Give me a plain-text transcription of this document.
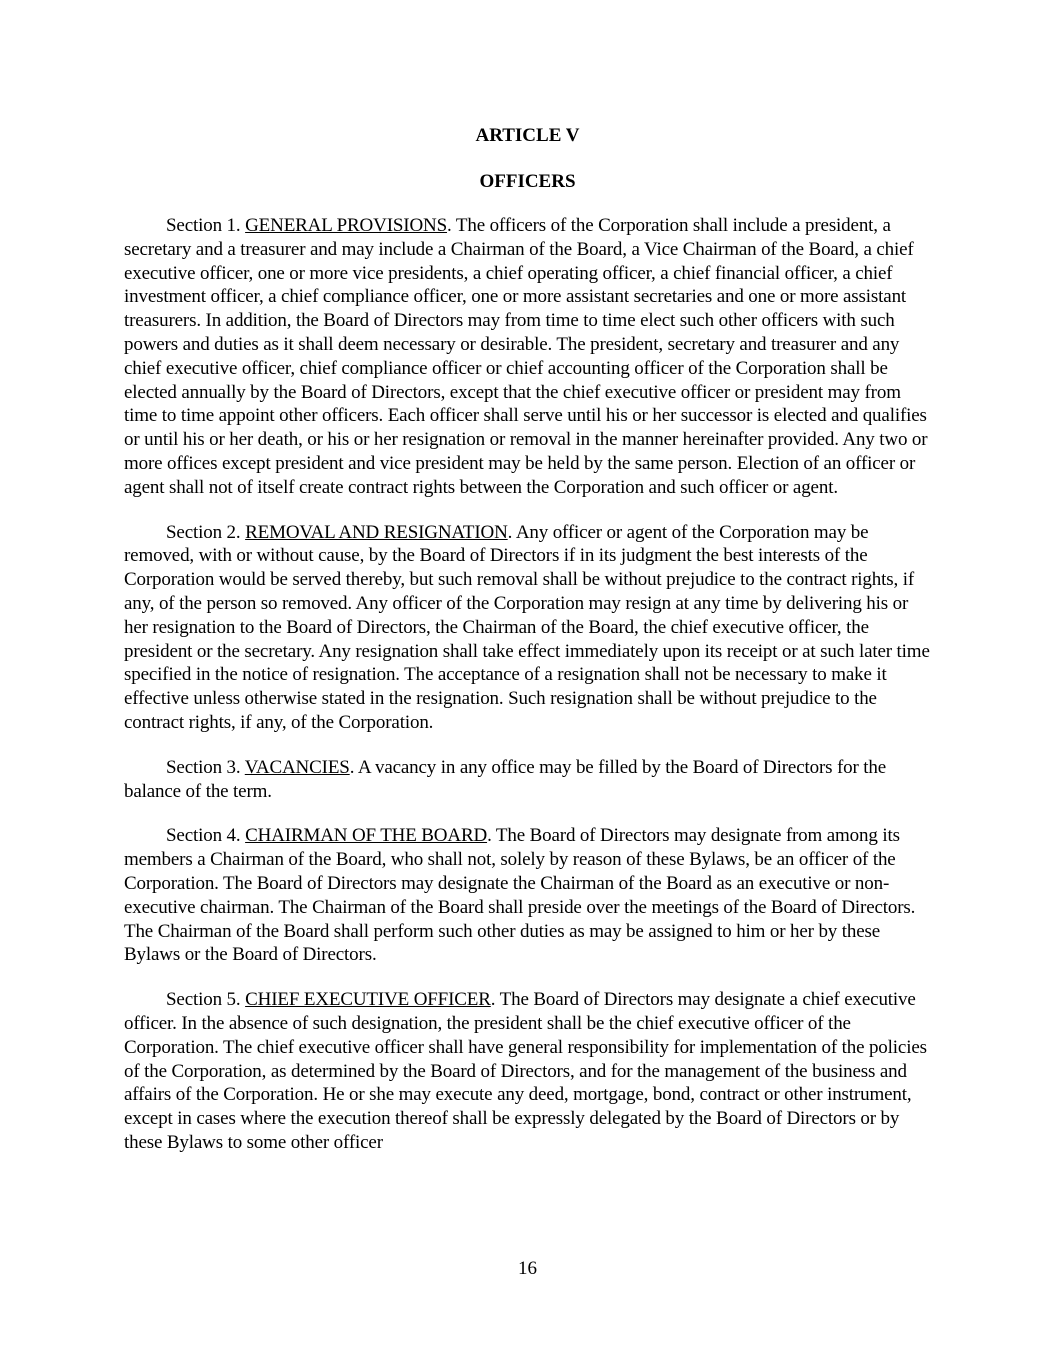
ARTICLE V
OFFICERS

Section 1. GENERAL PROVISIONS. The officers of the Corporation shall include a president, a secretary and a treasurer and may include a Chairman of the Board, a Vice Chairman of the Board, a chief executive officer, one or more vice presidents, a chief operating officer, a chief financial officer, a chief investment officer, a chief compliance officer, one or more assistant secretaries and one or more assistant treasurers. In addition, the Board of Directors may from time to time elect such other officers with such powers and duties as it shall deem necessary or desirable. The president, secretary and treasurer and any chief executive officer, chief compliance officer or chief accounting officer of the Corporation shall be elected annually by the Board of Directors, except that the chief executive officer or president may from time to time appoint other officers. Each officer shall serve until his or her successor is elected and qualifies or until his or her death, or his or her resignation or removal in the manner hereinafter provided. Any two or more offices except president and vice president may be held by the same person. Election of an officer or agent shall not of itself create contract rights between the Corporation and such officer or agent.

Section 2. REMOVAL AND RESIGNATION. Any officer or agent of the Corporation may be removed, with or without cause, by the Board of Directors if in its judgment the best interests of the Corporation would be served thereby, but such removal shall be without prejudice to the contract rights, if any, of the person so removed. Any officer of the Corporation may resign at any time by delivering his or her resignation to the Board of Directors, the Chairman of the Board, the chief executive officer, the president or the secretary. Any resignation shall take effect immediately upon its receipt or at such later time specified in the notice of resignation. The acceptance of a resignation shall not be necessary to make it effective unless otherwise stated in the resignation. Such resignation shall be without prejudice to the contract rights, if any, of the Corporation.

Section 3. VACANCIES. A vacancy in any office may be filled by the Board of Directors for the balance of the term.

Section 4. CHAIRMAN OF THE BOARD. The Board of Directors may designate from among its members a Chairman of the Board, who shall not, solely by reason of these Bylaws, be an officer of the Corporation. The Board of Directors may designate the Chairman of the Board as an executive or non-executive chairman. The Chairman of the Board shall preside over the meetings of the Board of Directors. The Chairman of the Board shall perform such other duties as may be assigned to him or her by these Bylaws or the Board of Directors.

Section 5. CHIEF EXECUTIVE OFFICER. The Board of Directors may designate a chief executive officer. In the absence of such designation, the president shall be the chief executive officer of the Corporation. The chief executive officer shall have general responsibility for implementation of the policies of the Corporation, as determined by the Board of Directors, and for the management of the business and affairs of the Corporation. He or she may execute any deed, mortgage, bond, contract or other instrument, except in cases where the execution thereof shall be expressly delegated by the Board of Directors or by these Bylaws to some other officer

16
